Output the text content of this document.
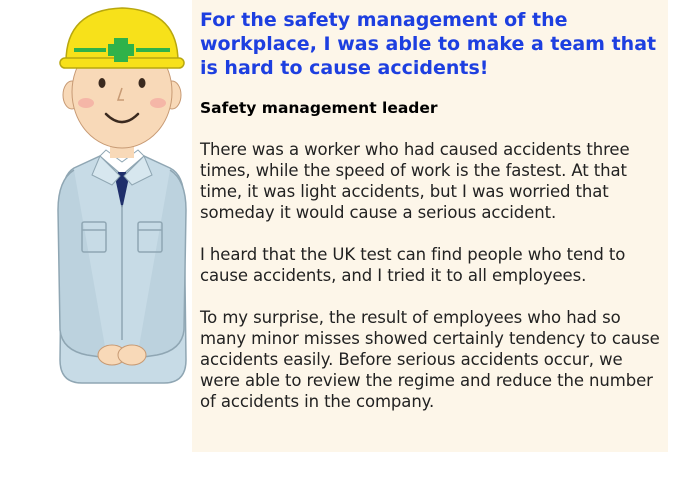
For the safety management of the workplace, I was able to make a team that is hard to cause accidents!

Safety management leader

There was a worker who had caused accidents three times, while the speed of work is the fastest. At that time, it was light accidents, but I was worried that someday it would cause a serious accident.

I heard that the UK test can find people who tend to cause accidents, and I tried it to all employees.

To my surprise, the result of employees who had so many minor misses showed certainly tendency to cause accidents easily. Before serious accidents occur, we were able to review the regime and reduce the number of accidents in the company.
